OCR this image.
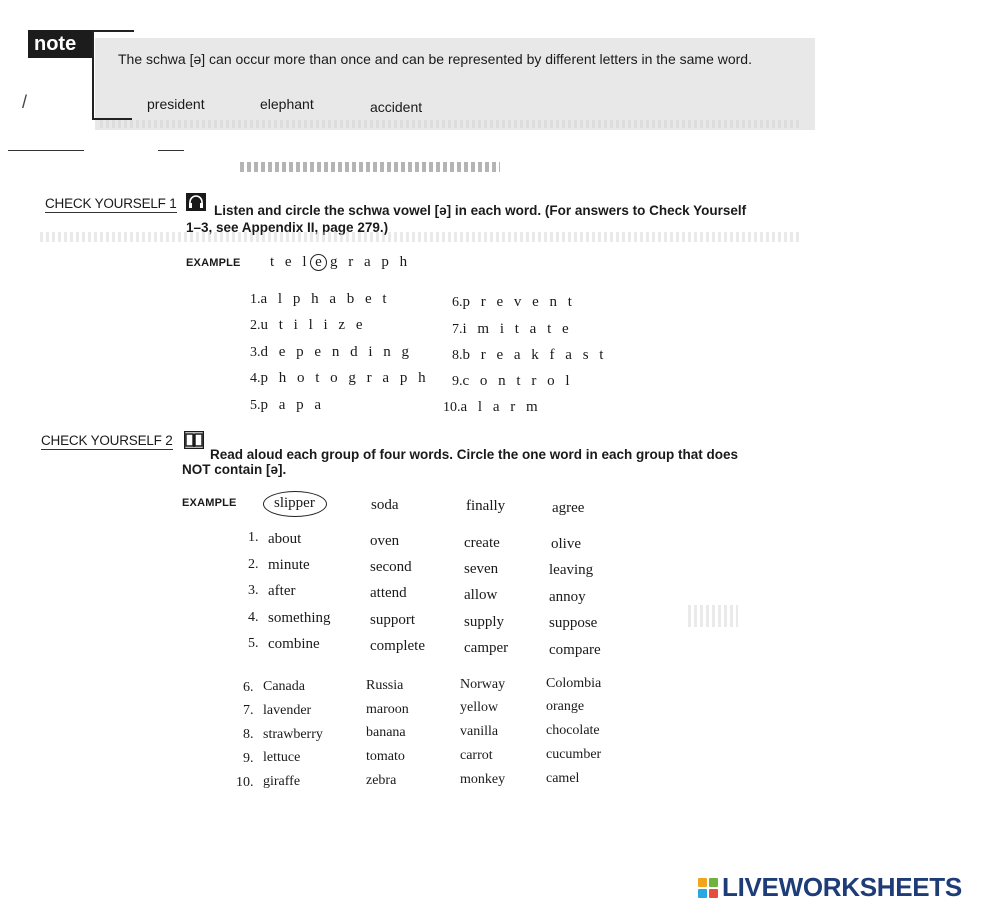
note
The schwa [ə] can occur more than once and can be represented by different letters in the same word.
president	elephant	accident
/
CHECK YOURSELF 1	Listen and circle the schwa vowel [ə] in each word. (For answers to Check Yourself
1–3, see Appendix II, page 279.)
EXAMPLE t e l e g r a p h
1.a l p h a b e t
2.u t i l i z e
3.d e p e n d i n g
4.p h o t o g r a p h
5.p a p a
6.p r e v e n t
7.i m i t a t e
8.b r e a k f a s t
9.c o n t r o l
10.a l a r m
CHECK YOURSELF 2
Read aloud each group of four words. Circle the one word in each group that does
NOT contain [ə].
EXAMPLE slipper	soda	finally	agree
1. about	oven	create	olive
2. minute	second	seven	leaving
3. after	attend	allow	annoy
4. something	support	supply	suppose
5. combine	complete	camper	compare
6. Canada	Russia	Norway	Colombia
7. lavender	maroon	yellow	orange
8. strawberry	banana	vanilla	chocolate
9. lettuce	tomato	carrot	cucumber
10. giraffe	zebra	monkey	camel
LIVEWORKSHEETS
